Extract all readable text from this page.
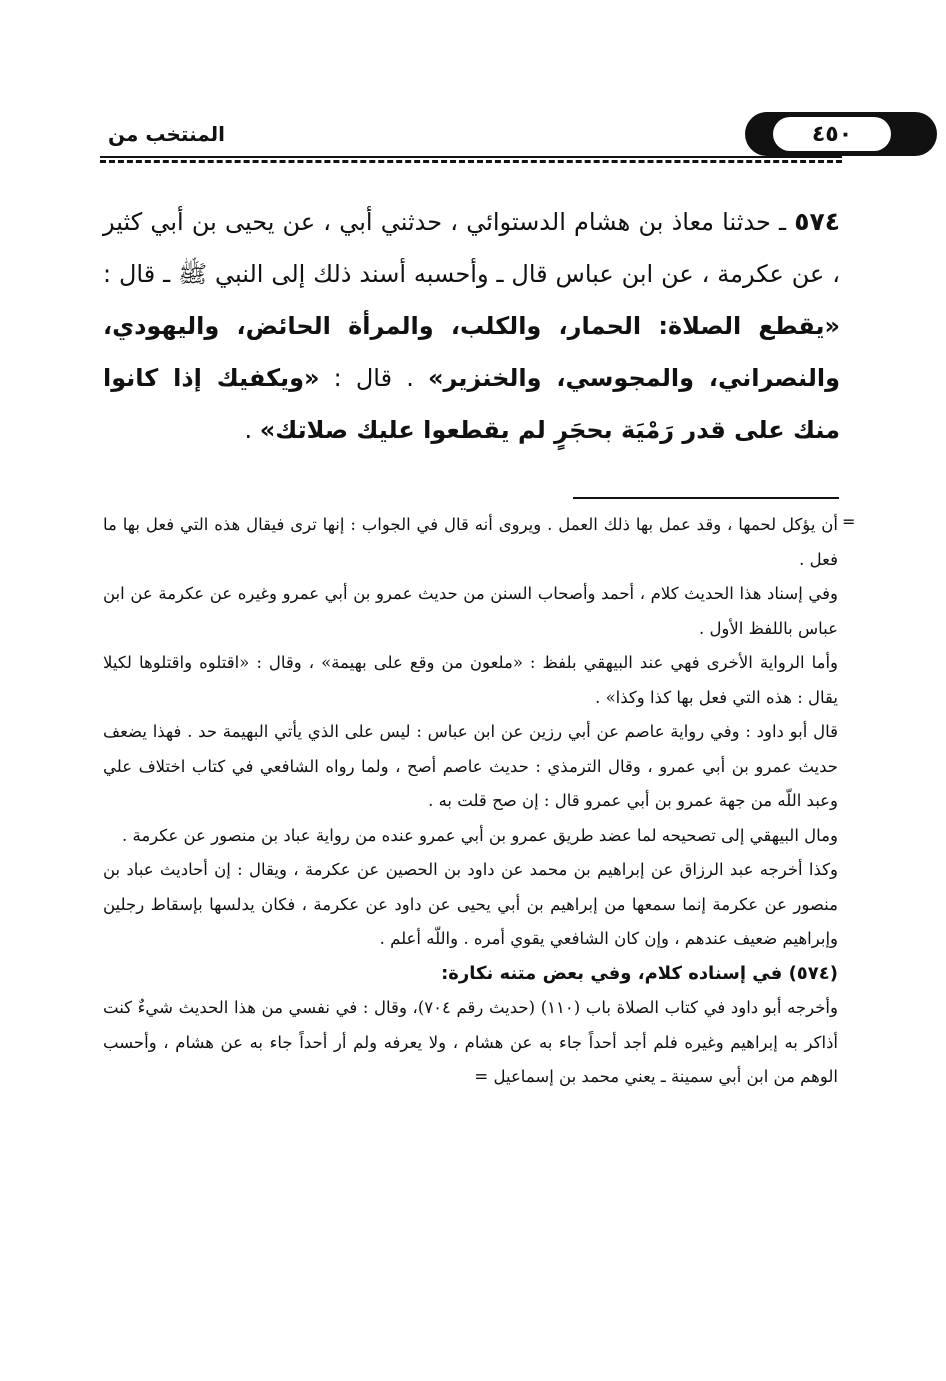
٤٥٠
المنتخب من
٥٧٤ ـ حدثنا معاذ بن هشام الدستوائي ، حدثني أبي ، عن يحيى بن أبي كثير ، عن عكرمة ، عن ابن عباس قال ـ وأحسبه أسند ذلك إلى النبي ﷺ ـ قال : «يقطع الصلاة: الحمار، والكلب، والمرأة الحائض، واليهودي، والنصراني، والمجوسي، والخنزير» . قال : «ويكفيك إذا كانوا منك على قدر رَمْيَة بحجَرٍ لم يقطعوا عليك صلاتك» .
=

أن يؤكل لحمها ، وقد عمل بها ذلك العمل . ويروى أنه قال في الجواب : إنها ترى فيقال هذه التي فعل بها ما فعل .

وفي إسناد هذا الحديث كلام ، أحمد وأصحاب السنن من حديث عمرو بن أبي عمرو وغيره عن عكرمة عن ابن عباس باللفظ الأول .

وأما الرواية الأخرى فهي عند البيهقي بلفظ : «ملعون من وقع على بهيمة» ، وقال : «اقتلوه واقتلوها لكيلا يقال : هذه التي فعل بها كذا وكذا» .

قال أبو داود : وفي رواية عاصم عن أبي رزين عن ابن عباس : ليس على الذي يأتي البهيمة حد . فهذا يضعف حديث عمرو بن أبي عمرو ، وقال الترمذي : حديث عاصم أصح ، ولما رواه الشافعي في كتاب اختلاف علي وعبد اللّه من جهة عمرو بن أبي عمرو قال : إن صح قلت به .

ومال البيهقي إلى تصحيحه لما عضد طريق عمرو بن أبي عمرو عنده من رواية عباد بن منصور عن عكرمة .

وكذا أخرجه عبد الرزاق عن إبراهيم بن محمد عن داود بن الحصين عن عكرمة ، ويقال : إن أحاديث عباد بن منصور عن عكرمة إنما سمعها من إبراهيم بن أبي يحيى عن داود عن عكرمة ، فكان يدلسها بإسقاط رجلين وإبراهيم ضعيف عندهم ، وإن كان الشافعي يقوي أمره . واللّه أعلم .

(٥٧٤) في إسناده كلام، وفي بعض متنه نكارة:

وأخرجه أبو داود في كتاب الصلاة باب (١١٠) (حديث رقم ٧٠٤)، وقال : في نفسي من هذا الحديث شيءٌ كنت أذاكر به إبراهيم وغيره فلم أجد أحداً جاء به عن هشام ، ولا يعرفه ولم أر أحداً جاء به عن هشام ، وأحسب الوهم من ابن أبي سمينة ـ يعني محمد بن إسماعيل =
